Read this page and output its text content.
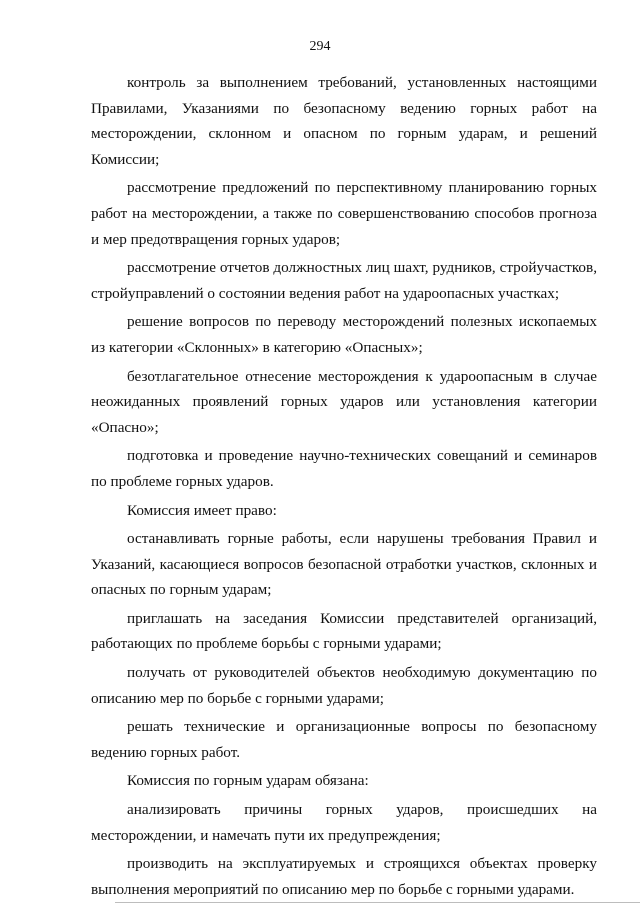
294

контроль за выполнением требований, установленных настоящими Правилами, Указаниями по безопасному ведению горных работ на месторождении, склонном и опасном по горным ударам, и решений Комиссии;

рассмотрение предложений по перспективному планированию горных работ на месторождении, а также по совершенствованию способов прогноза и мер предотвращения горных ударов;

рассмотрение отчетов должностных лиц шахт, рудников, стройучастков, стройуправлений о состоянии ведения работ на удароопасных участках;

решение вопросов по переводу месторождений полезных ископаемых из категории «Склонных» в категорию «Опасных»;

безотлагательное отнесение месторождения к удароопасным в случае неожиданных проявлений горных ударов или установления категории «Опасно»;

подготовка и проведение научно-технических совещаний и семинаров по проблеме горных ударов.

Комиссия имеет право:

останавливать горные работы, если нарушены требования Правил и Указаний, касающиеся вопросов безопасной отработки участков, склонных и опасных по горным ударам;

приглашать на заседания Комиссии представителей организаций, работающих по проблеме борьбы с горными ударами;

получать от руководителей объектов необходимую документацию по описанию мер по борьбе с горными ударами;

решать технические и организационные вопросы по безопасному ведению горных работ.

Комиссия по горным ударам обязана:

анализировать причины горных ударов, происшедших на месторождении, и намечать пути их предупреждения;

производить на эксплуатируемых и строящихся объектах проверку выполнения мероприятий по описанию мер по борьбе с горными ударами.
